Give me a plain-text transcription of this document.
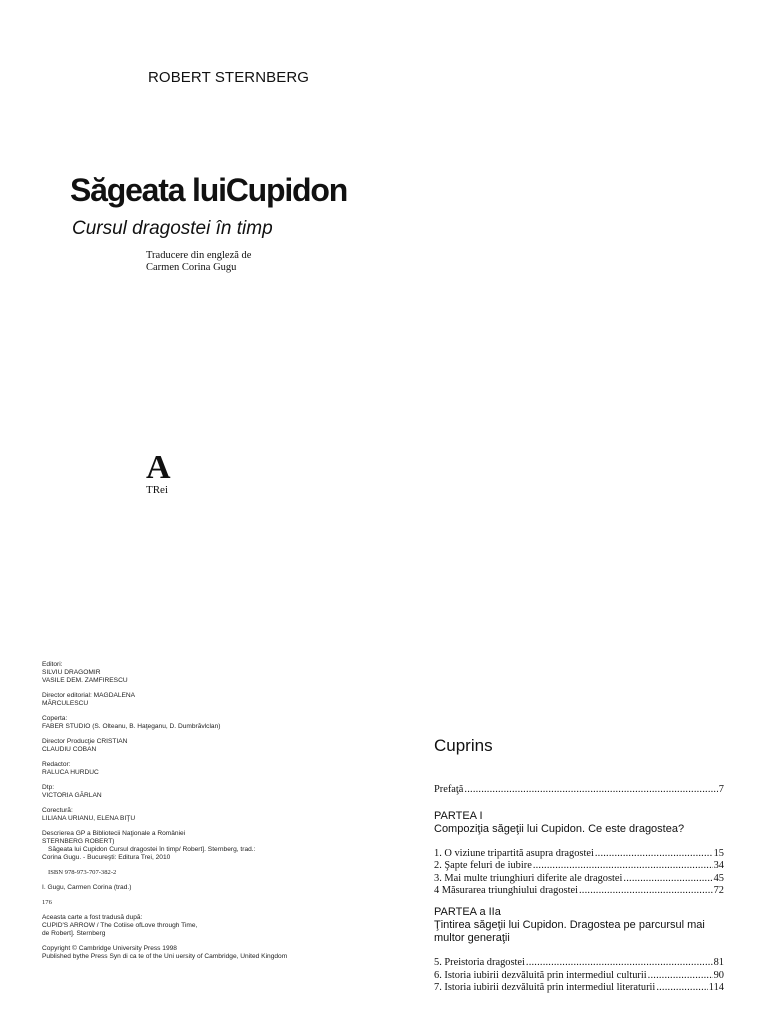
ROBERT STERNBERG
Săgeata luiCupidon
Cursul dragostei în timp
Traducere din engleză de
Carmen Corina Gugu
A
TRei
Editori:
SILVIU DRAGOMIR
VASILE DEM. ZAMFIRESCU
Director editorial: MAGDALENA
MĂRCULESCU
Coperta:
FABER STUDIO (S. Olteanu, B. Haţeganu, D. Dumbrăvlclan)
Director Producţie CRISTIAN
CLAUDIU COBAN
Redactor:
RALUCA HURDUC
Dtp:
VICTORIA GĂRLAN
Corectură:
LILIANA URIANU, ELENA BIŢU
Descrierea GP a Bibliotecii Naţionale a României
STERNBERG ROBERT)
Săgeata lui Cupidon Cursul dragostei în timp/ Robert]. Sternberg, trad.:
Corina Gugu. - Bucureşti: Editura Trei, 2010
ISBN 978-973-707-382-2
I. Gugu, Carmen Corina (trad.)
176
Aceasta carte a fost tradusă după:
CUPID'S ARROW / The Cotiise ofLove through Time,
de Robert]. Sternberg
Copyright © Cambridge University Press 1998
Published bythe Press Syn di ca te of the Uni uersity of Cambridge, United Kingdom
Cuprins
Prefaţă .....	7
PARTEA I
Compoziţia săgeţii lui Cupidon. Ce este dragostea?
1. O viziune tripartită asupra dragostei .....	15
2. Şapte feluri de iubire .....	34
3. Mai multe triunghiuri diferite ale dragostei .....	45
4 Măsurarea triunghiului dragostei .....	72
PARTEA a IIa
Ţintirea săgeţii lui Cupidon. Dragostea pe parcursul mai multor generaţii
5. Preistoria dragostei .....	81
6. Istoria iubirii dezvăluită prin intermediul culturii .....	90
7. Istoria iubirii dezvăluită prin intermediul literaturii .....	114
